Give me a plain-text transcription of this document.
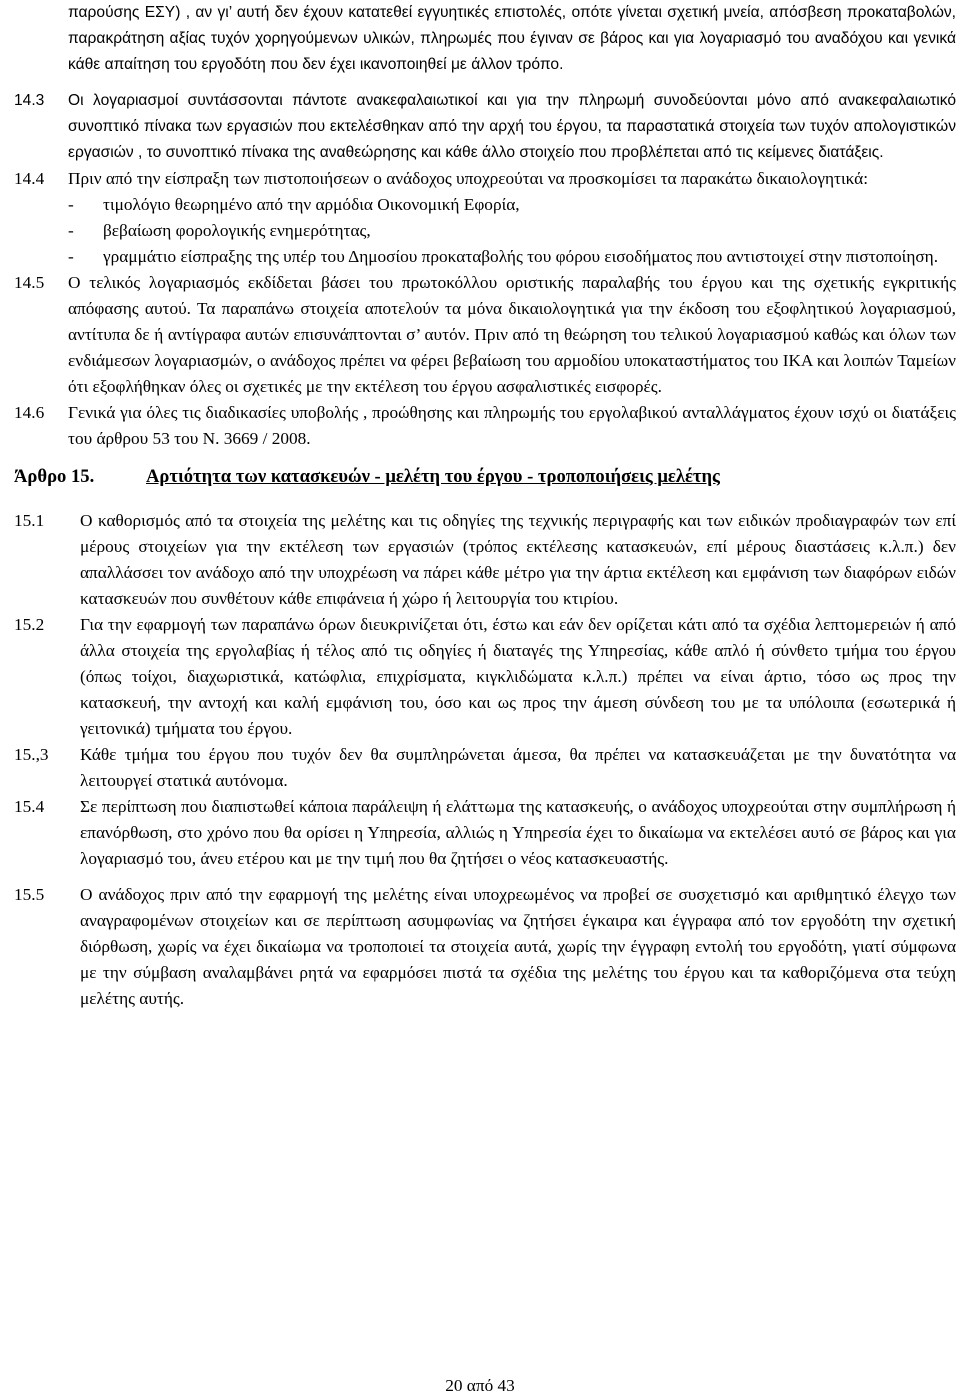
παρούσης ΕΣΥ) , αν γι’ αυτή δεν έχουν κατατεθεί εγγυητικές επιστολές, οπότε γίνεται σχετική μνεία, απόσβεση προκαταβολών, παρακράτηση αξίας τυχόν χορηγούμενων υλικών, πληρωμές που έγιναν σε βάρος και για λογαριασμό του αναδόχου και γενικά κάθε απαίτηση του εργοδότη που δεν έχει ικανοποιηθεί με άλλον τρόπο.
14.3	Οι λογαριασμοί συντάσσονται πάντοτε ανακεφαλαιωτικοί και για την πληρωμή συνοδεύονται μόνο από ανακεφαλαιωτικό συνοπτικό πίνακα των εργασιών που εκτελέσθηκαν από την αρχή του έργου, τα παραστατικά στοιχεία των τυχόν απολογιστικών εργασιών , το συνοπτικό πίνακα της αναθεώρησης και κάθε άλλο στοιχείο που προβλέπεται από τις κείμενες διατάξεις.
14.4	Πριν από την είσπραξη των πιστοποιήσεων ο ανάδοχος υποχρεούται να προσκομίσει τα παρακάτω δικαιολογητικά:
-	τιμολόγιο θεωρημένο από την αρμόδια Οικονομική Εφορία,
-	βεβαίωση φορολογικής ενημερότητας,
-	γραμμάτιο είσπραξης της υπέρ του Δημοσίου προκαταβολής του φόρου εισοδήματος που αντιστοιχεί στην πιστοποίηση.
14.5	Ο τελικός λογαριασμός εκδίδεται βάσει του πρωτοκόλλου οριστικής παραλαβής του έργου και της σχετικής εγκριτικής απόφασης αυτού. Τα παραπάνω στοιχεία αποτελούν τα μόνα δικαιολογητικά για την έκδοση του εξοφλητικού λογαριασμού, αντίτυπα δε ή αντίγραφα αυτών επισυνάπτονται σ’ αυτόν. Πριν από τη θεώρηση του τελικού λογαριασμού καθώς και όλων των ενδιάμεσων λογαριασμών, ο ανάδοχος πρέπει να φέρει βεβαίωση του αρμοδίου υποκαταστήματος του ΙΚΑ και λοιπών Ταμείων ότι εξοφλήθηκαν όλες οι σχετικές με την εκτέλεση του έργου ασφαλιστικές εισφορές.
14.6	Γενικά για όλες τις διαδικασίες υποβολής , προώθησης και πληρωμής του εργολαβικού ανταλλάγματος έχουν ισχύ οι διατάξεις του άρθρου 53 του Ν. 3669 / 2008.
Άρθρο 15.	Αρτιότητα των κατασκευών - μελέτη του έργου - τροποποιήσεις μελέτης
15.1	Ο καθορισμός από τα στοιχεία της μελέτης και τις οδηγίες της τεχνικής περιγραφής και των ειδικών προδιαγραφών των επί μέρους στοιχείων για την εκτέλεση των εργασιών (τρόπος εκτέλεσης κατασκευών, επί μέρους διαστάσεις κ.λ.π.) δεν απαλλάσσει τον ανάδοχο από την υποχρέωση να πάρει κάθε μέτρο για την άρτια εκτέλεση και εμφάνιση των διαφόρων ειδών κατασκευών που συνθέτουν κάθε επιφάνεια ή χώρο ή λειτουργία του κτιρίου.
15.2	Για την εφαρμογή των παραπάνω όρων διευκρινίζεται ότι, έστω και εάν δεν ορίζεται κάτι από τα σχέδια λεπτομερειών ή από άλλα στοιχεία της εργολαβίας ή τέλος από τις οδηγίες ή διαταγές της Υπηρεσίας, κάθε απλό ή σύνθετο τμήμα του έργου (όπως τοίχοι, διαχωριστικά, κατώφλια, επιχρίσματα, κιγκλιδώματα κ.λ.π.) πρέπει να είναι άρτιο, τόσο ως προς την κατασκευή, την αντοχή και καλή εμφάνιση του, όσο και ως προς την άμεση σύνδεση του με τα υπόλοιπα (εσωτερικά ή γειτονικά) τμήματα του έργου.
15.,3	Κάθε τμήμα του έργου που τυχόν δεν θα συμπληρώνεται άμεσα, θα πρέπει να κατασκευάζεται με την δυνατότητα να λειτουργεί στατικά αυτόνομα.
15.4	Σε περίπτωση που διαπιστωθεί κάποια παράλειψη ή ελάττωμα της κατασκευής, ο ανάδοχος υποχρεούται στην συμπλήρωση ή επανόρθωση, στο χρόνο που θα ορίσει η Υπηρεσία, αλλιώς η Υπηρεσία έχει το δικαίωμα να εκτελέσει αυτό σε βάρος και για λογαριασμό του, άνευ ετέρου και με την τιμή που θα ζητήσει ο νέος κατασκευαστής.
15.5	Ο ανάδοχος πριν από την εφαρμογή της μελέτης είναι υποχρεωμένος να προβεί σε συσχετισμό και αριθμητικό έλεγχο των αναγραφομένων στοιχείων και σε περίπτωση ασυμφωνίας να ζητήσει έγκαιρα και έγγραφα από τον εργοδότη την σχετική διόρθωση, χωρίς να έχει δικαίωμα να τροποποιεί τα στοιχεία αυτά, χωρίς την έγγραφη εντολή του εργοδότη, γιατί σύμφωνα με την σύμβαση αναλαμβάνει ρητά να εφαρμόσει πιστά τα σχέδια της μελέτης του έργου και τα καθοριζόμενα στα τεύχη μελέτης αυτής.
20 από 43
